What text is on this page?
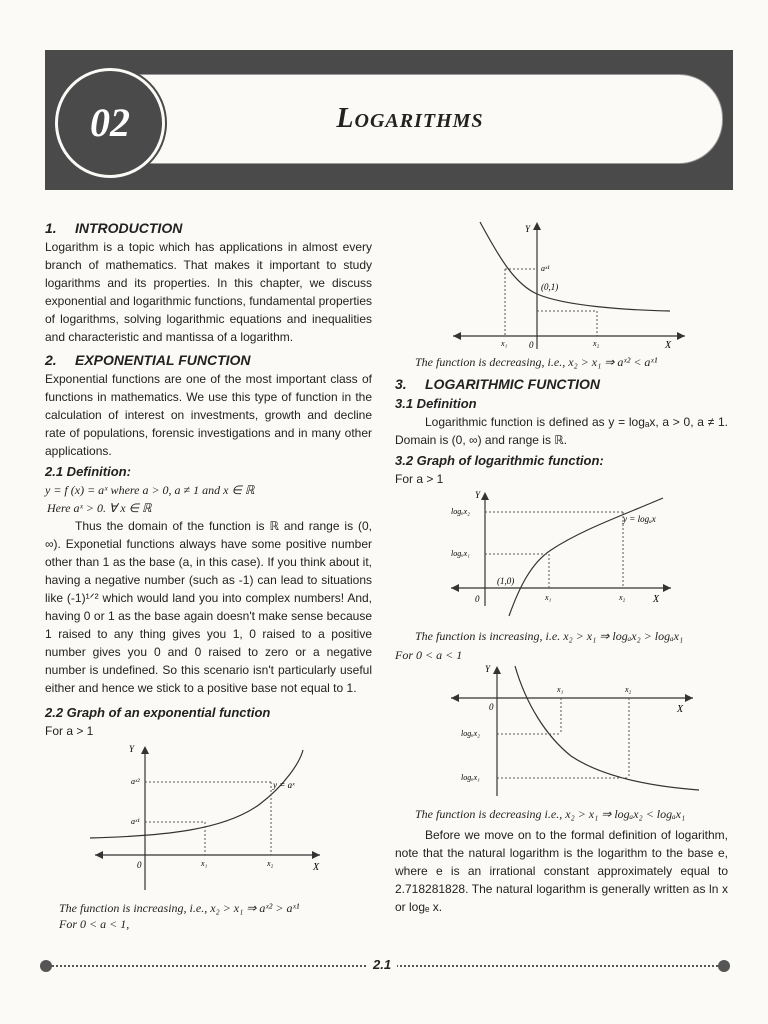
Logarithms
02
1. INTRODUCTION

Logarithm is a topic which has applications in almost every branch of mathematics. That makes it important to study logarithms and its properties. In this chapter, we discuss exponential and logarithmic functions, fundamental properties of logarithms, solving logarithmic equations and inequalities and characteristic and mantissa of a logarithm.

2. EXPONENTIAL FUNCTION

Exponential functions are one of the most important class of functions in mathematics. We use this type of function in the calculation of interest on investments, growth and decline rate of populations, forensic investigations and in many other applications.

2.1 Definition:

y = f (x) = aˣ where a > 0, a ≠ 1 and x ∈ ℝ

Here aˣ > 0. ∀ x ∈ ℝ

Thus the domain of the function is ℝ and range is (0, ∞). Exponetial functions always have some positive number other than 1 as the base (a, in this case). If you think about it, having a negative number (such as -1) can lead to situations like (-1)¹ᐟ² which would land you into complex numbers! And, having 0 or 1 as the base again doesn't make sense because 1 raised to any thing gives you 1, 0 raised to a positive number gives you 0 and 0 raised to zero or a negative number is undefined. So this scenario isn't particularly useful either and hence we stick to a positive base not equal to 1.

2.2 Graph of an exponential function

For a > 1

Y
X
0	x₁	x₂
aˣ¹
aˣ²	y = aˣ

The function is increasing, i.e., x₂ > x₁ ⇒ aˣ² > aˣ¹

For 0 < a < 1,

Y
X
0
x₁	x₂
aˣ¹
(0,1)

The function is decreasing, i.e., x₂ > x₁ ⇒ aˣ² < aˣ¹

3. LOGARITHMIC FUNCTION
3.1 Definition

Logarithmic function is defined as y = logₐx, a > 0, a ≠ 1. Domain is (0, ∞) and range is ℝ.

3.2 Graph of logarithmic function:

For a > 1

Y
X
0	x₁	x₂
logₐx₁
logₐx₂
(1,0)
y = logₐx

The function is increasing, i.e. x₂ > x₁ ⇒ logₐx₂ > logₐx₁

For 0 < a < 1

Y
X
0
x₁	x₂
logₐx₂
logₐx₁

The function is decreasing i.e., x₂ > x₁ ⇒ logₐx₂ < logₐx₁

Before we move on to the formal definition of logarithm, note that the natural logarithm is the logarithm to the base e, where e is an irrational constant approximately equal to 2.718281828. The natural logarithm is generally written as ln x or logₑ x.

2.1
